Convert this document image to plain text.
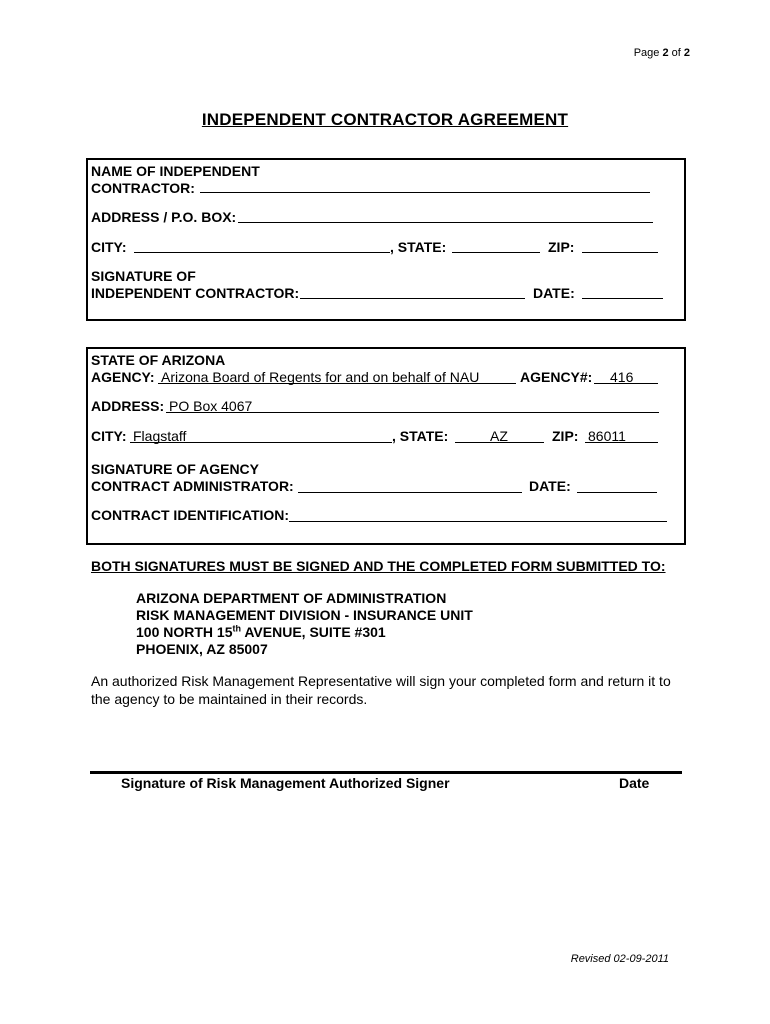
Page 2 of 2
INDEPENDENT CONTRACTOR AGREEMENT
NAME OF INDEPENDENT
CONTRACTOR:
ADDRESS / P.O. BOX:
CITY:	, STATE:	ZIP:
SIGNATURE OF
INDEPENDENT CONTRACTOR:	DATE:
STATE OF ARIZONA
AGENCY: Arizona Board of Regents for and on behalf of NAU	AGENCY#: 416
ADDRESS: PO Box 4067
CITY: Flagstaff	, STATE:	AZ	ZIP: 86011
SIGNATURE OF AGENCY
CONTRACT ADMINISTRATOR:	DATE:
CONTRACT IDENTIFICATION:
BOTH SIGNATURES MUST BE SIGNED AND THE COMPLETED FORM SUBMITTED TO:
ARIZONA DEPARTMENT OF ADMINISTRATION
RISK MANAGEMENT DIVISION - INSURANCE UNIT
100 NORTH 15th AVENUE, SUITE #301
PHOENIX, AZ 85007
An authorized Risk Management Representative will sign your completed form and return it to the agency to be maintained in their records.
Signature of Risk Management Authorized Signer	Date
Revised 02-09-2011
